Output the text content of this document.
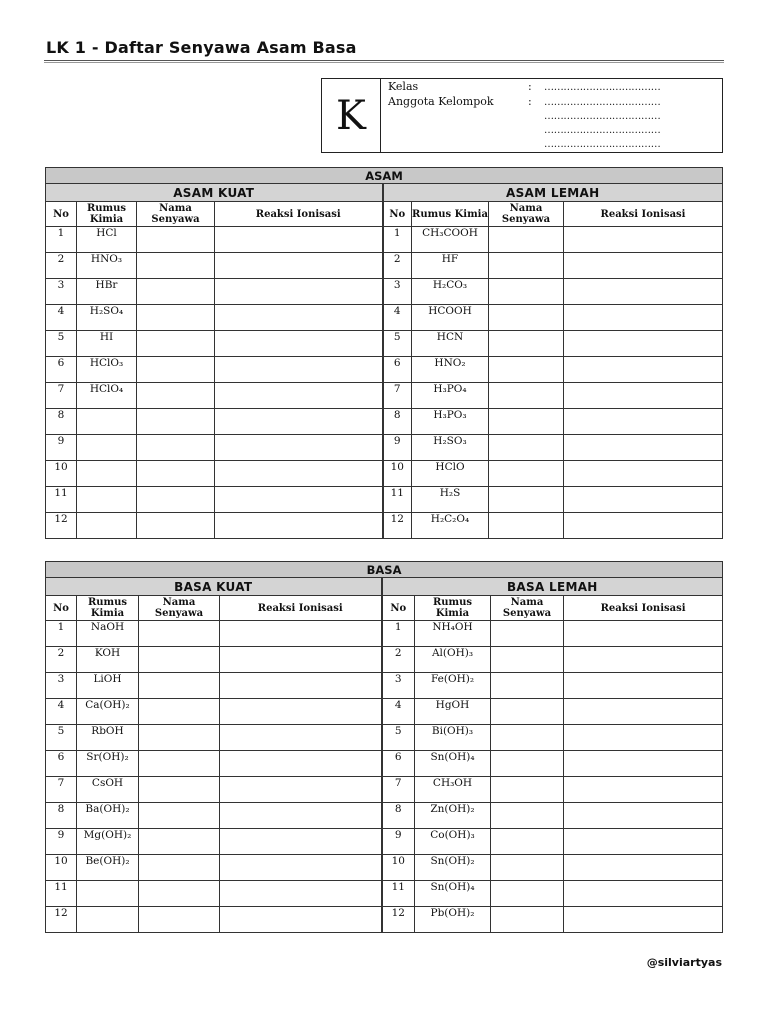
LK 1 - Daftar Senyawa Asam Basa
K
Kelas	: ………………………………
Anggota Kelompok	: ………………………………
………………………………
………………………………
………………………………
ASAM							
ASAM KUAT				ASAM LEMAH			
No	Rumus Kimia	Nama Senyawa	Reaksi Ionisasi	No	Rumus Kimia	Nama Senyawa	Reaksi Ionisasi
1	HCl			1	CH₃COOH		
2	HNO₃			2	HF		
3	HBr			3	H₂CO₃		
4	H₂SO₄			4	HCOOH		
5	HI			5	HCN		
6	HClO₃			6	HNO₂		
7	HClO₄			7	H₃PO₄		
8				8	H₃PO₃		
9				9	H₂SO₃		
10				10	HClO		
11				11	H₂S		
12				12	H₂C₂O₄		
BASA							
BASA KUAT				BASA LEMAH			
No	Rumus Kimia	Nama Senyawa	Reaksi Ionisasi	No	Rumus Kimia	Nama Senyawa	Reaksi Ionisasi
1	NaOH			1	NH₄OH		
2	KOH			2	Al(OH)₃		
3	LiOH			3	Fe(OH)₂		
4	Ca(OH)₂			4	HgOH		
5	RbOH			5	Bi(OH)₃		
6	Sr(OH)₂			6	Sn(OH)₄		
7	CsOH			7	CH₃OH		
8	Ba(OH)₂			8	Zn(OH)₂		
9	Mg(OH)₂			9	Co(OH)₃		
10	Be(OH)₂			10	Sn(OH)₂		
11				11	Sn(OH)₄		
12				12	Pb(OH)₂		
@silviartyas
